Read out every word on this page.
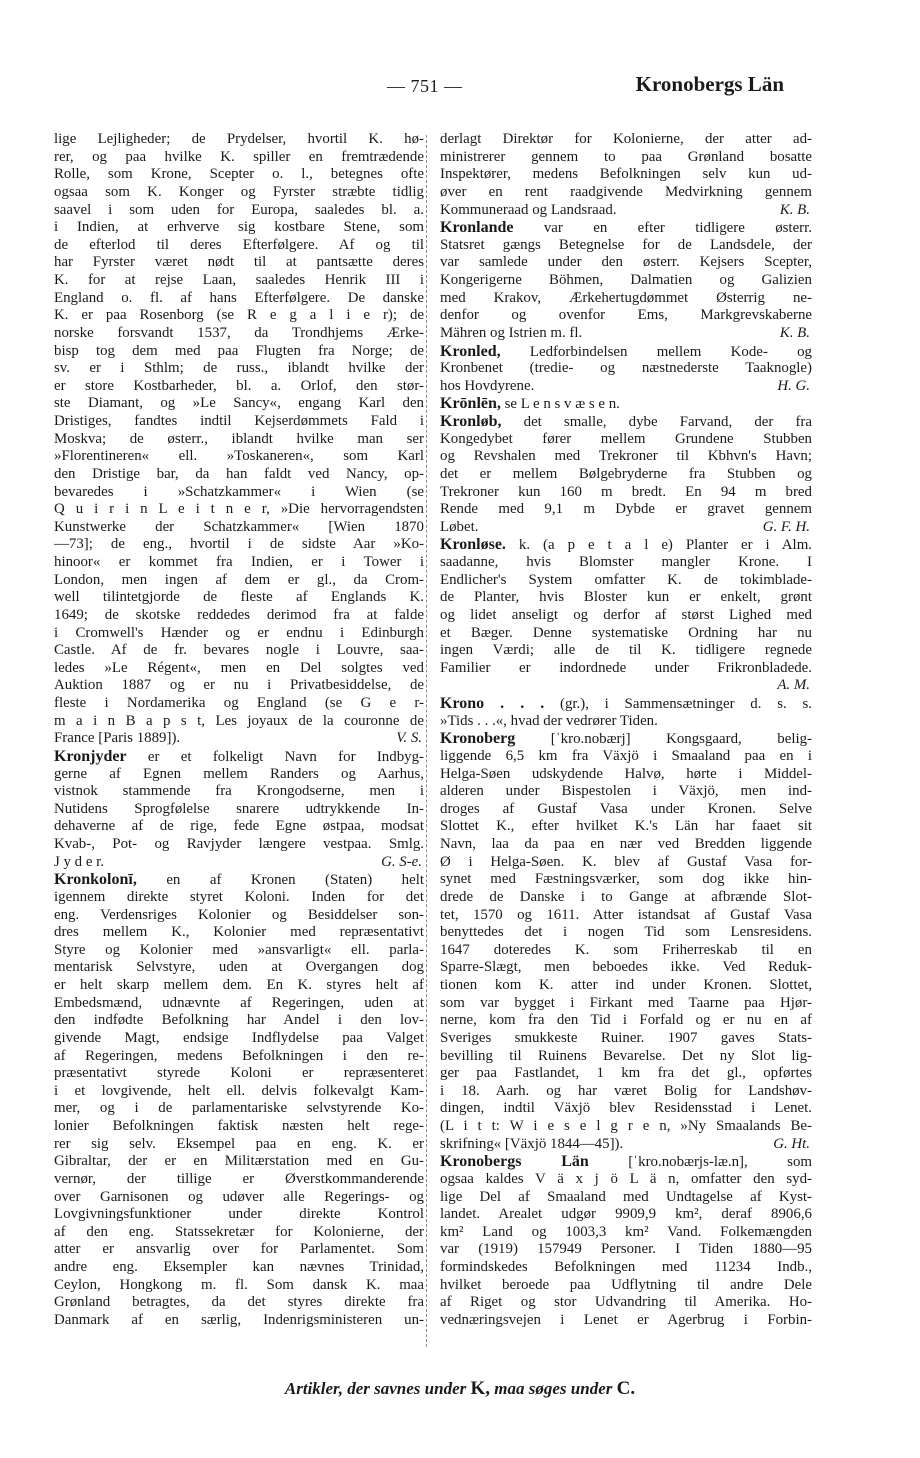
— 751 —	Kronobergs Län
lige Lejligheder; de Prydelser, hvortil K. hø-
rer, og paa hvilke K. spiller en fremtrædende
Rolle, som Krone, Scepter o. l., betegnes ofte
ogsaa som K. Konger og Fyrster stræbte tidlig
saavel i som uden for Europa, saaledes bl. a.
i Indien, at erhverve sig kostbare Stene, som
de efterlod til deres Efterfølgere. Af og til
har Fyrster været nødt til at pantsætte deres
K. for at rejse Laan, saaledes Henrik III i
England o. fl. af hans Efterfølgere. De danske
K. er paa Rosenborg (se R e g a l i e r); de
norske forsvandt 1537, da Trondhjems Ærke-
bisp tog dem med paa Flugten fra Norge; de
sv. er i Sthlm; de russ., iblandt hvilke der
er store Kostbarheder, bl. a. Orlof, den stør-
ste Diamant, og »Le Sancy«, engang Karl den
Dristiges, fandtes indtil Kejserdømmets Fald i
Moskva; de østerr., iblandt hvilke man ser
»Florentineren« ell. »Toskaneren«, som Karl
den Dristige bar, da han faldt ved Nancy, op-
bevaredes i »Schatzkammer« i Wien (se
Q u i r i n L e i t n e r, »Die hervorragendsten
Kunstwerke der Schatzkammer« [Wien 1870
—73]; de eng., hvortil i de sidste Aar »Ko-
hinoor« er kommet fra Indien, er i Tower i
London, men ingen af dem er gl., da Crom-
well tilintetgjorde de fleste af Englands K.
1649; de skotske reddedes derimod fra at falde
i Cromwell's Hænder og er endnu i Edinburgh
Castle. Af de fr. bevares nogle i Louvre, saa-
ledes »Le Régent«, men en Del solgtes ved
Auktion 1887 og er nu i Privatbesiddelse, de
fleste i Nordamerika og England (se G e r-
m a i n B a p s t, Les joyaux de la couronne de
France [Paris 1889]).	V. S.
Kronjyder er et folkeligt Navn for Indbyg-
gerne af Egnen mellem Randers og Aarhus,
vistnok stammende fra Krongodserne, men i
Nutidens Sprogfølelse snarere udtrykkende In-
dehaverne af de rige, fede Egne østpaa, modsat
Kvab-, Pot- og Ravjyder længere vestpaa. Smlg.
J y d e r.	G. S-e.
Kronkolonī, en af Kronen (Staten) helt
igennem direkte styret Koloni. Inden for det
eng. Verdensriges Kolonier og Besiddelser son-
dres mellem K., Kolonier med repræsentativt
Styre og Kolonier med »ansvarligt« ell. parla-
mentarisk Selvstyre, uden at Overgangen dog
er helt skarp mellem dem. En K. styres helt af
Embedsmænd, udnævnte af Regeringen, uden at
den indfødte Befolkning har Andel i den lov-
givende Magt, endsige Indflydelse paa Valget
af Regeringen, medens Befolkningen i den re-
præsentativt styrede Koloni er repræsenteret
i et lovgivende, helt ell. delvis folkevalgt Kam-
mer, og i de parlamentariske selvstyrende Ko-
lonier Befolkningen faktisk næsten helt rege-
rer sig selv. Eksempel paa en eng. K. er
Gibraltar, der er en Militærstation med en Gu-
vernør, der tillige er Øverstkommanderende
over Garnisonen og udøver alle Regerings- og
Lovgivningsfunktioner under direkte Kontrol
af den eng. Statssekretær for Kolonierne, der
atter er ansvarlig over for Parlamentet. Som
andre eng. Eksempler kan nævnes Trinidad,
Ceylon, Hongkong m. fl. Som dansk K. maa
Grønland betragtes, da det styres direkte fra
Danmark af en særlig, Indenrigsministeren un-
derlagt Direktør for Kolonierne, der atter ad-
ministrerer gennem to paa Grønland bosatte
Inspektører, medens Befolkningen selv kun ud-
øver en rent raadgivende Medvirkning gennem
Kommuneraad og Landsraad.	K. B.
Kronlande var en efter tidligere østerr.
Statsret gængs Betegnelse for de Landsdele, der
var samlede under den østerr. Kejsers Scepter,
Kongerigerne Böhmen, Dalmatien og Galizien
med Krakov, Ærkehertugdømmet Østerrig ne-
denfor og ovenfor Ems, Markgrevskaberne
Mähren og Istrien m. fl.	K. B.
Kronled, Ledforbindelsen mellem Kode- og
Kronbenet (tredie- og næstnederste Taaknogle)
hos Hovdyrene.	H. G.
Krōnlēn, se L e n s v æ s e n.
Kronløb, det smalle, dybe Farvand, der fra
Kongedybet fører mellem Grundene Stubben
og Revshalen med Trekroner til Kbhvn's Havn;
det er mellem Bølgebryderne fra Stubben og
Trekroner kun 160 m bredt. En 94 m bred
Rende med 9,1 m Dybde er gravet gennem
Løbet.	G. F. H.
Kronløse. k. (a p e t a l e) Planter er i Alm.
saadanne, hvis Blomster mangler Krone. I
Endlicher's System omfatter K. de tokimblade-
de Planter, hvis Bloster kun er enkelt, grønt
og lidet anseligt og derfor af størst Lighed med
et Bæger. Denne systematiske Ordning har nu
ingen Værdi; alle de til K. tidligere regnede
Familier er indordnede under Frikronbladede.
A. M.
Krono . . . (gr.), i Sammensætninger d. s. s.
»Tids . . .«, hvad der vedrører Tiden.
Kronoberg [ˈkro.nobærj] Kongsgaard, belig-
liggende 6,5 km fra Växjö i Smaaland paa en i
Helga-Søen udskydende Halvø, hørte i Middel-
alderen under Bispestolen i Växjö, men ind-
droges af Gustaf Vasa under Kronen. Selve
Slottet K., efter hvilket K.'s Län har faaet sit
Navn, laa da paa en nær ved Bredden liggende
Ø i Helga-Søen. K. blev af Gustaf Vasa for-
synet med Fæstningsværker, som dog ikke hin-
drede de Danske i to Gange at afbrænde Slot-
tet, 1570 og 1611. Atter istandsat af Gustaf Vasa
benyttedes det i nogen Tid som Lensresidens.
1647 doteredes K. som Friherreskab til en
Sparre-Slægt, men beboedes ikke. Ved Reduk-
tionen kom K. atter ind under Kronen. Slottet,
som var bygget i Firkant med Taarne paa Hjør-
nerne, kom fra den Tid i Forfald og er nu en af
Sveriges smukkeste Ruiner. 1907 gaves Stats-
bevilling til Ruinens Bevarelse. Det ny Slot lig-
ger paa Fastlandet, 1 km fra det gl., opførtes
i 18. Aarh. og har været Bolig for Landshøv-
dingen, indtil Växjö blev Residensstad i Lenet.
(L i t t: W i e s e l g r e n, »Ny Smaalands Be-
skrifning« [Växjö 1844—45]).	G. Ht.
Kronobergs Län [ˈkro.nobærjs-læ.n], som
ogsaa kaldes V ä x j ö L ä n, omfatter den syd-
lige Del af Smaaland med Undtagelse af Kyst-
landet. Arealet udgør 9909,9 km², deraf 8906,6
km² Land og 1003,3 km² Vand. Folkemængden
var (1919) 157949 Personer. I Tiden 1880—95
formindskedes Befolkningen med 11234 Indb.,
hvilket beroede paa Udflytning til andre Dele
af Riget og stor Udvandring til Amerika. Ho-
vednæringsvejen i Lenet er Agerbrug i Forbin-
Artikler, der savnes under K, maa søges under C.
